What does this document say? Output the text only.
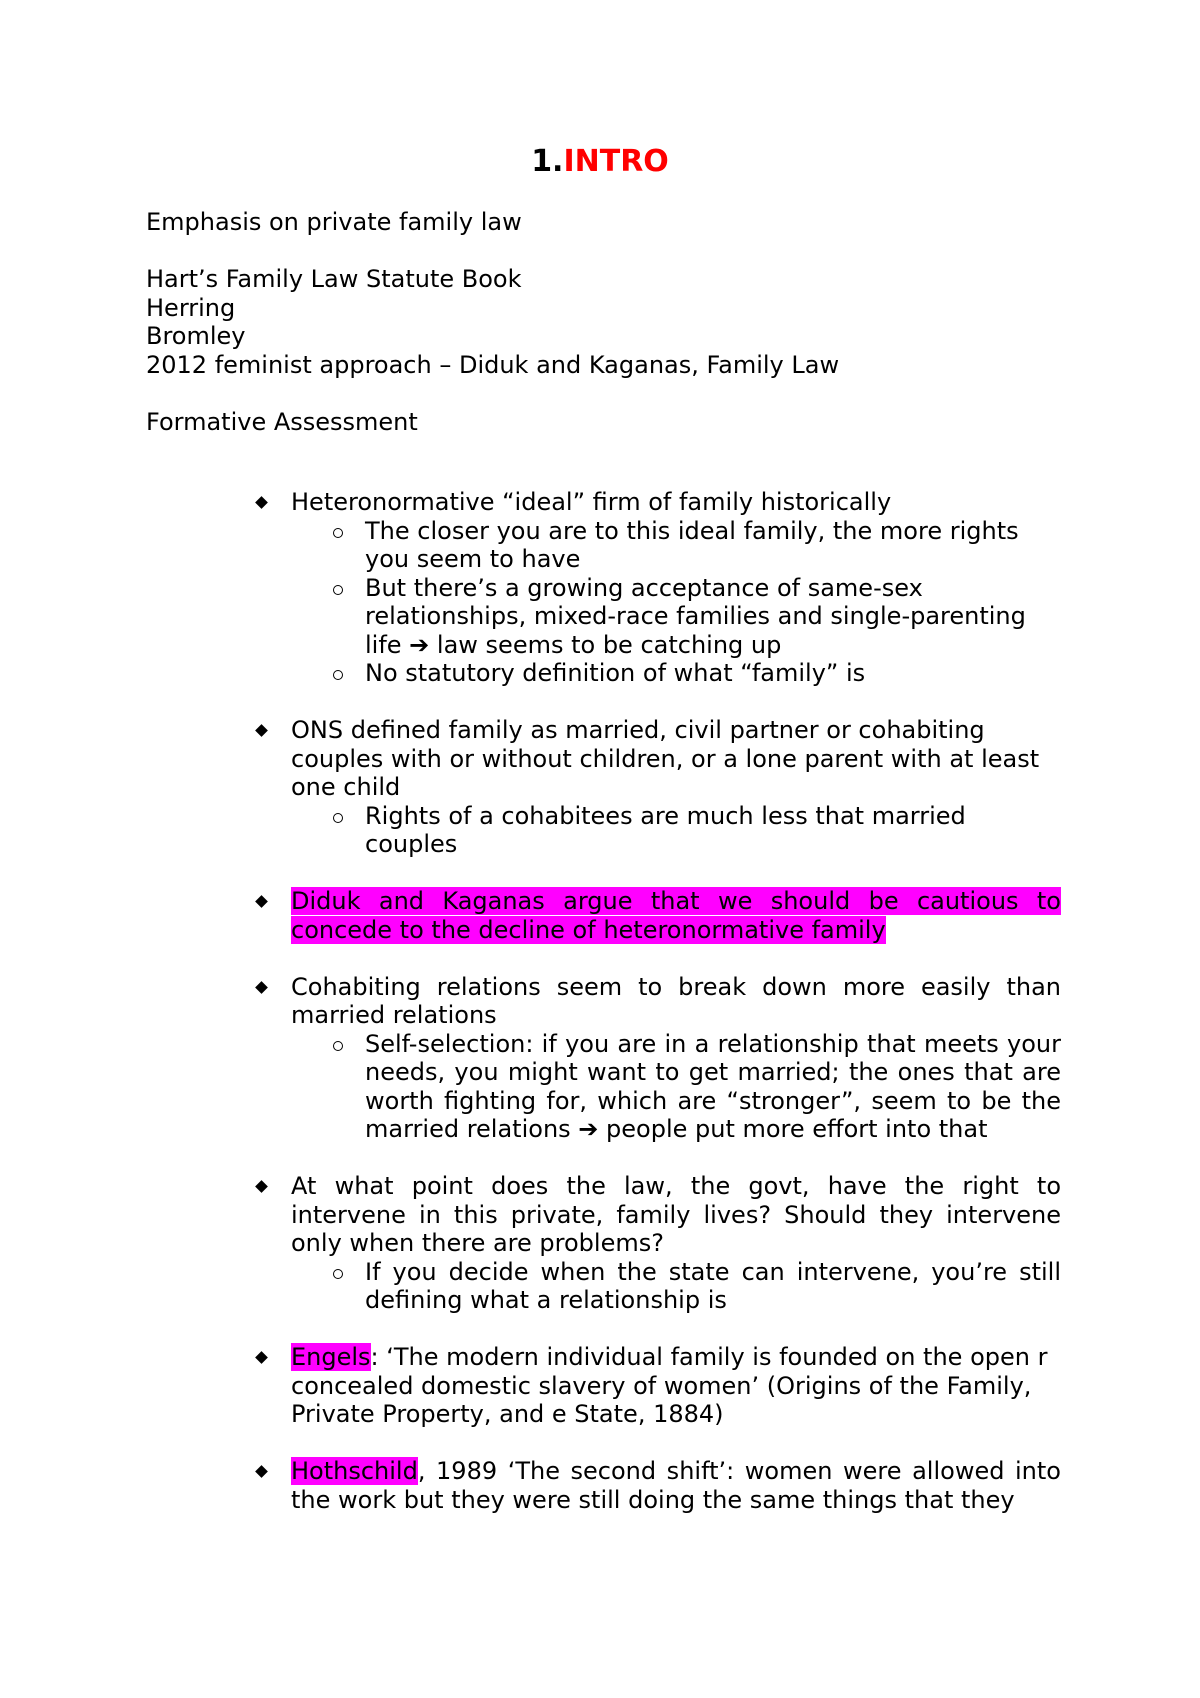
1.INTRO

Emphasis on private family law

Hart’s Family Law Statute Book

Herring

Bromley

2012 feminist approach – Diduk and Kaganas, Family Law

Formative Assessment

Heteronormative “ideal” firm of family historically
The closer you are to this ideal family, the more rights you seem to have
But there’s a growing acceptance of same-sex relationships, mixed-race families and single-parenting life ➔ law seems to be catching up
No statutory definition of what “family” is
ONS defined family as married, civil partner or cohabiting couples with or without children, or a lone parent with at least one child
Rights of a cohabitees are much less that married couples
Diduk and Kaganas argue that we should be cautious to concede to the decline of heteronormative family
Cohabiting relations seem to break down more easily than married relations
Self-selection: if you are in a relationship that meets your needs, you might want to get married; the ones that are worth fighting for, which are “stronger”, seem to be the married relations ➔ people put more effort into that
At what point does the law, the govt, have the right to intervene in this private, family lives? Should they intervene only when there are problems?
If you decide when the state can intervene, you’re still defining what a relationship is
Engels: ‘The modern individual family is founded on the open r
concealed domestic slavery of women’ (Origins of the Family,
Private Property, and e State, 1884)
Hothschild, 1989 ‘The second shift’: women were allowed into the work but they were still doing the same things that they
